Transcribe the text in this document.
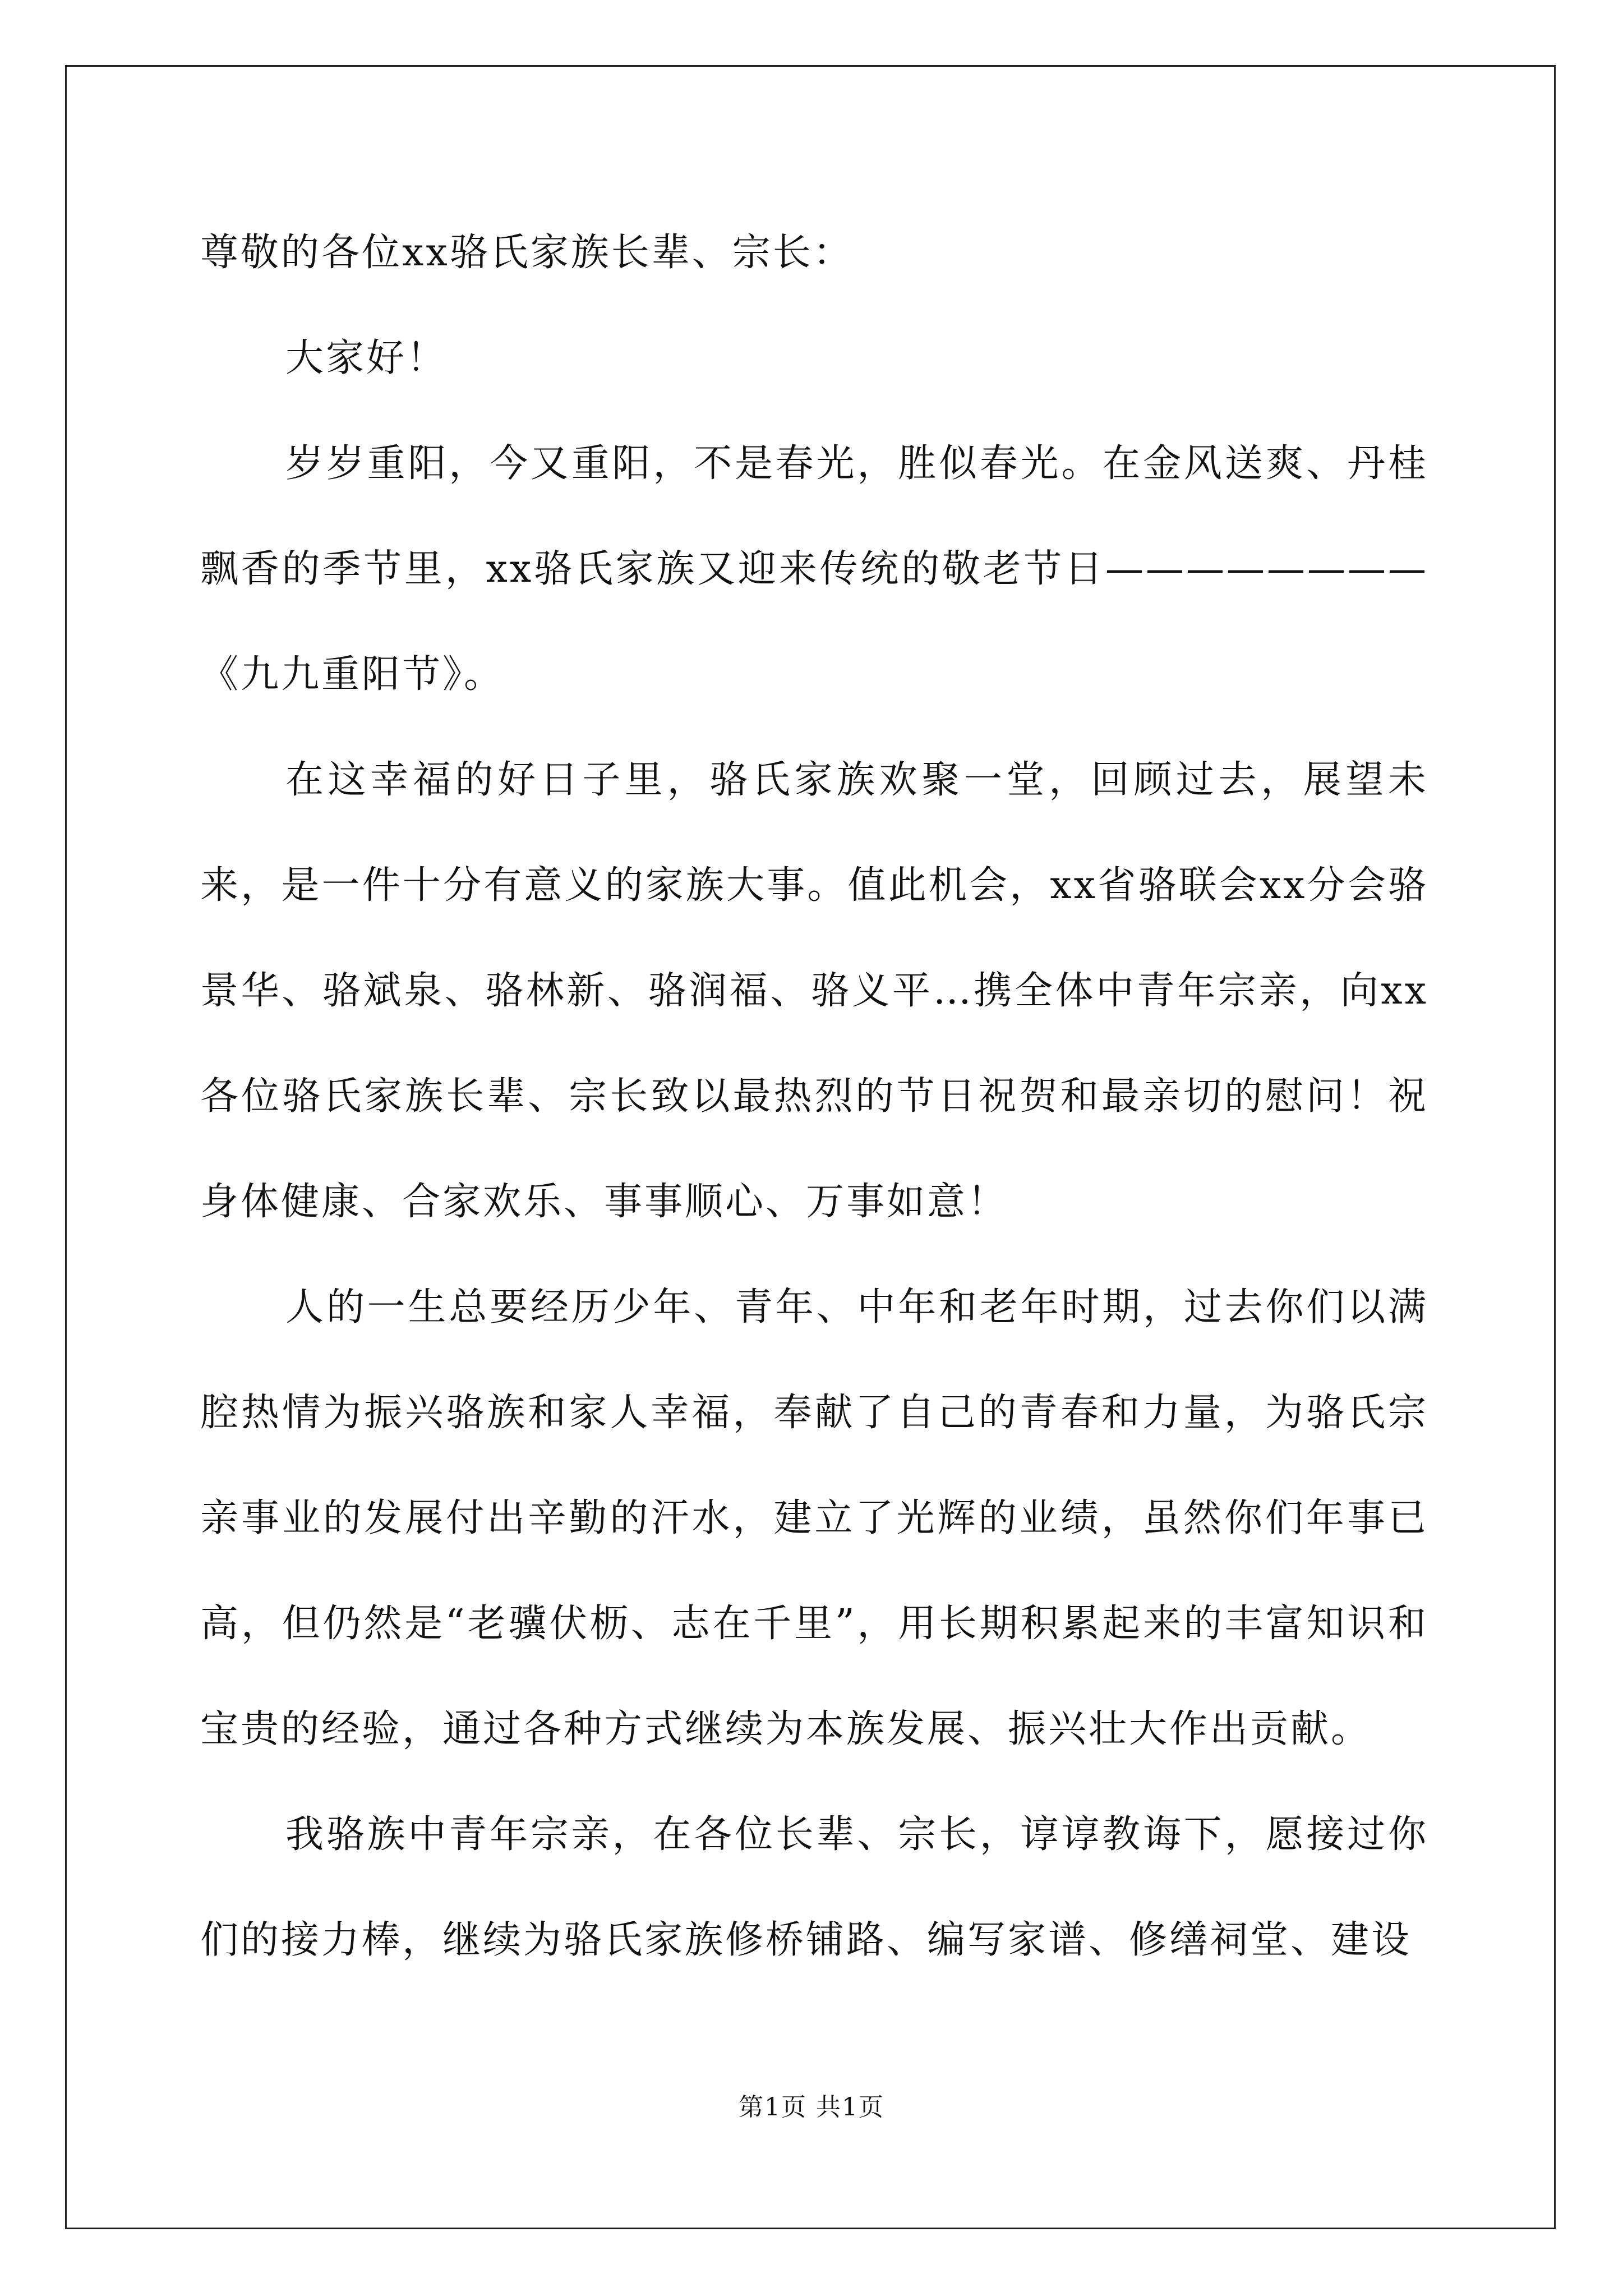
尊敬的各位xx骆氏家族长辈、宗长：

大家好！

岁岁重阳，今又重阳，不是春光，胜似春光。在金风送爽、丹桂飘香的季节里，xx骆氏家族又迎来传统的敬老节日————————《九九重阳节》。

在这幸福的好日子里，骆氏家族欢聚一堂，回顾过去，展望未来，是一件十分有意义的家族大事。值此机会，xx省骆联会xx分会骆景华、骆斌泉、骆林新、骆润福、骆义平…携全体中青年宗亲，向xx各位骆氏家族长辈、宗长致以最热烈的节日祝贺和最亲切的慰问！祝身体健康、合家欢乐、事事顺心、万事如意！

人的一生总要经历少年、青年、中年和老年时期，过去你们以满腔热情为振兴骆族和家人幸福，奉献了自己的青春和力量，为骆氏宗亲事业的发展付出辛勤的汗水，建立了光辉的业绩，虽然你们年事已高，但仍然是“老骥伏枥、志在千里”，用长期积累起来的丰富知识和宝贵的经验，通过各种方式继续为本族发展、振兴壮大作出贡献。

我骆族中青年宗亲，在各位长辈、宗长，谆谆教诲下，愿接过你们的接力棒，继续为骆氏家族修桥铺路、编写家谱、修缮祠堂、建设

第1页 共1页
